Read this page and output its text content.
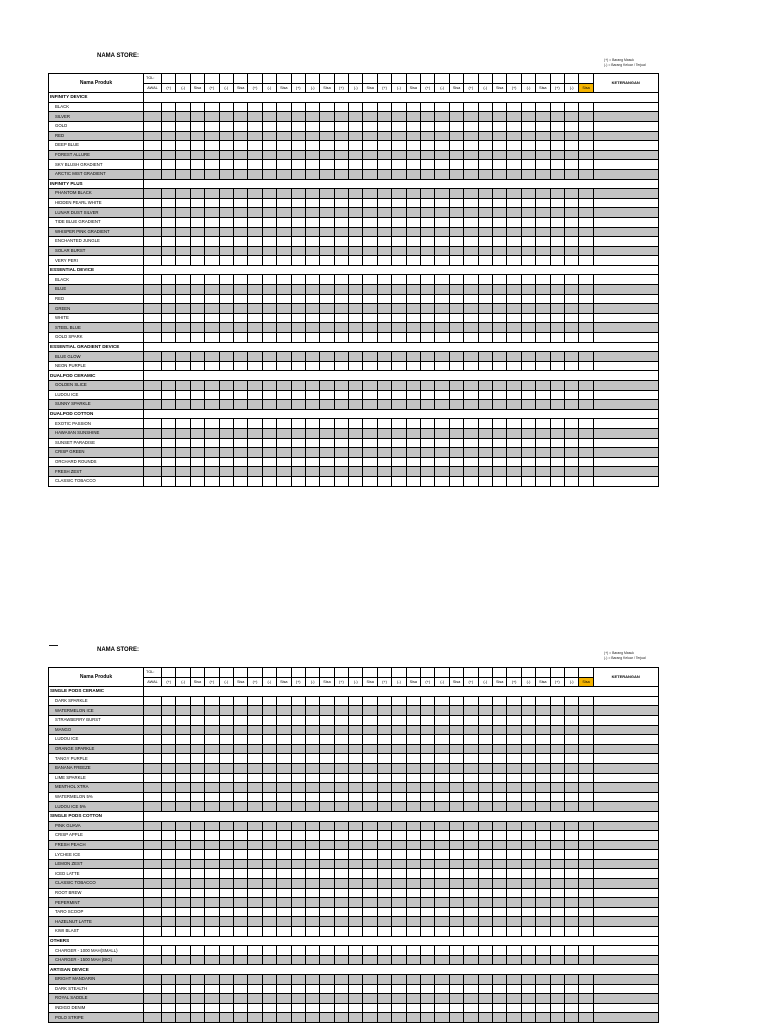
NAMA STORE:
(+) = Barang Masuk
(-) = Barang Keluar / Terjual
Nama Produk	TGL:																															KETERANGAN
	AWAL	(+)	(-)	Sisa	(+)	(-)	Sisa	(+)	(-)	Sisa	(+)	(-)	Sisa	(+)	(-)	Sisa	(+)	(-)	Sisa	(+)	(-)	Sisa	(+)	(-)	Sisa	(+)	(-)	Sisa	(+)	(-)	Sisa	
INFINITY DEVICE																																
BLACK																																
SILVER																																
GOLD																																
RED																																
DEEP BLUE																																
FOREST ALLURE																																
SKY BLUSH GRADIENT																																
ARCTIC MIST GRADIENT																																
INFINITY PLUS																																
PHANTOM BLACK																																
HIDDEN PEARL WHITE																																
LUNAR DUST SILVER																																
TIDE BLUE GRADIENT																																
WHISPER PINK GRADIENT																																
ENCHANTED JUNGLE																																
SOLAR BURST																																
VERY PERI																																
ESSENTIAL DEVICE																																
BLACK																																
BLUE																																
RED																																
GREEN																																
WHITE																																
STEEL BLUE																																
GOLD SPARK																																
ESSENTIAL GRADIENT DEVICE																																
BLUE GLOW																																
NEON PURPLE																																
DUALPOD CERAMIC																																
GOLDEN SLICE																																
LUDOU ICE																																
SUNNY SPARKLE																																
DUALPOD COTTON																																
EXOTIC PASSION																																
HAWAIIAN SUNSHINE																																
SUNSET PARADISE																																
CRISP GREEN																																
ORCHARD ROUNDS																																
FRESH ZEST																																
CLASSIC TOBACCO																																
—	NAMA STORE:	(+) = Barang Masuk
(-) = Barang Keluar / Terjual
Nama Produk	TGL:																															KETERANGAN
	AWAL	(+)	(-)	Sisa	(+)	(-)	Sisa	(+)	(-)	Sisa	(+)	(-)	Sisa	(+)	(-)	Sisa	(+)	(-)	Sisa	(+)	(-)	Sisa	(+)	(-)	Sisa	(+)	(-)	Sisa	(+)	(-)	Sisa	
SINGLE PODS CERAMIC																																
DARK SPARKLE																																
WATERMELON ICE																																
STRAWBERRY BURST																																
MANGO																																
LUDOU ICE																																
ORANGE SPARKLE																																
TANGY PURPLE																																
BANANA FREEZE																																
LIME SPARKLE																																
MENTHOL XTRA																																
WATERMELON 5%																																
LUDOU ICE 5%																																
SINGLE PODS COTTON																																
PINK GUAVA																																
CRISP APPLE																																
FRESH PEACH																																
LYCHEE ICE																																
LEMON ZEST																																
ICED LATTE																																
CLASSIC TOBACCO																																
ROOT BREW																																
PEPERMINT																																
TARO SCOOP																																
HAZELNUT LATTE																																
KIWI BLAST																																
OTHERS																																
CHARGER - 1000 MAH(SMALL)																																
CHARGER - 1500 MAH (BIG)																																
ARTISAN DEVICE																																
BRIGHT MANDARIN																																
DARK STEALTH																																
ROYAL SADDLE																																
INDIGO DENIM																																
POLO STRIPE																																
